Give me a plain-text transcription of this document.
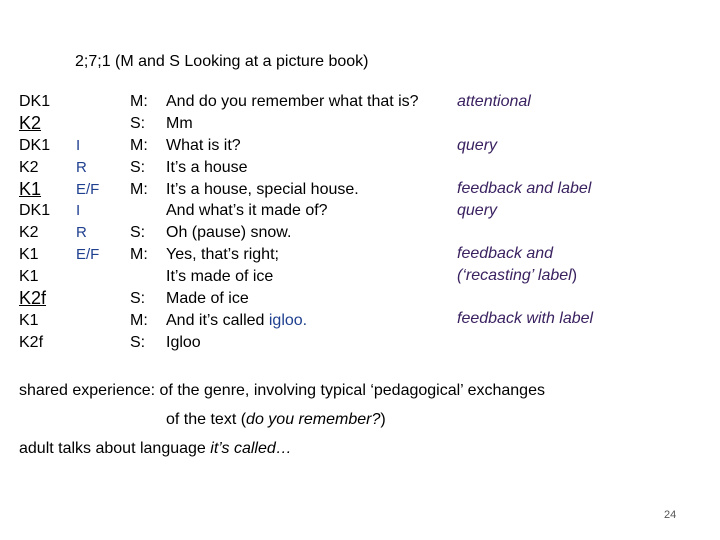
2;7;1 (M and S Looking at a picture book)
DK1
K2
DK1
K2
K1
DK1
K2
K1
K1
K2f
K1
K2f
I
R
E/F
I
R
E/F
M:
S:
M:
S:
M:
S:
M:
S:
M:
S:
And do you remember what that is?
Mm
What is it?
It’s a house
It’s a house, special house.
And what’s it made of?
Oh (pause) snow.
Yes, that’s right;
It’s made of ice
Made of ice
And it’s called igloo.
Igloo
attentional
query
feedback and label
query
feedback and
(‘recasting’ label)
feedback with label
shared experience: of the genre, involving typical ‘pedagogical’ exchanges
of the text (do you remember?)
adult talks about language it’s called…
24
